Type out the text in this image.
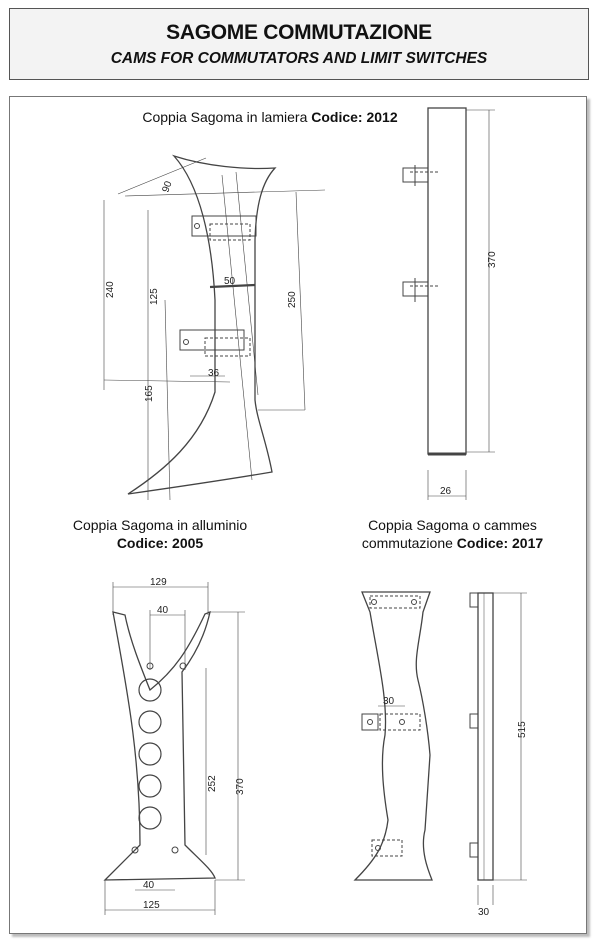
SAGOME COMMUTAZIONE
CAMS FOR COMMUTATORS AND LIMIT SWITCHES
Coppia Sagoma in lamiera Codice: 2012
Coppia Sagoma in alluminio
Codice: 2005
Coppia Sagoma o cammes
commutazione Codice: 2017
90
240	125
50
250
36
165
370
26
129
40
252 370
40
125
30
515
30
